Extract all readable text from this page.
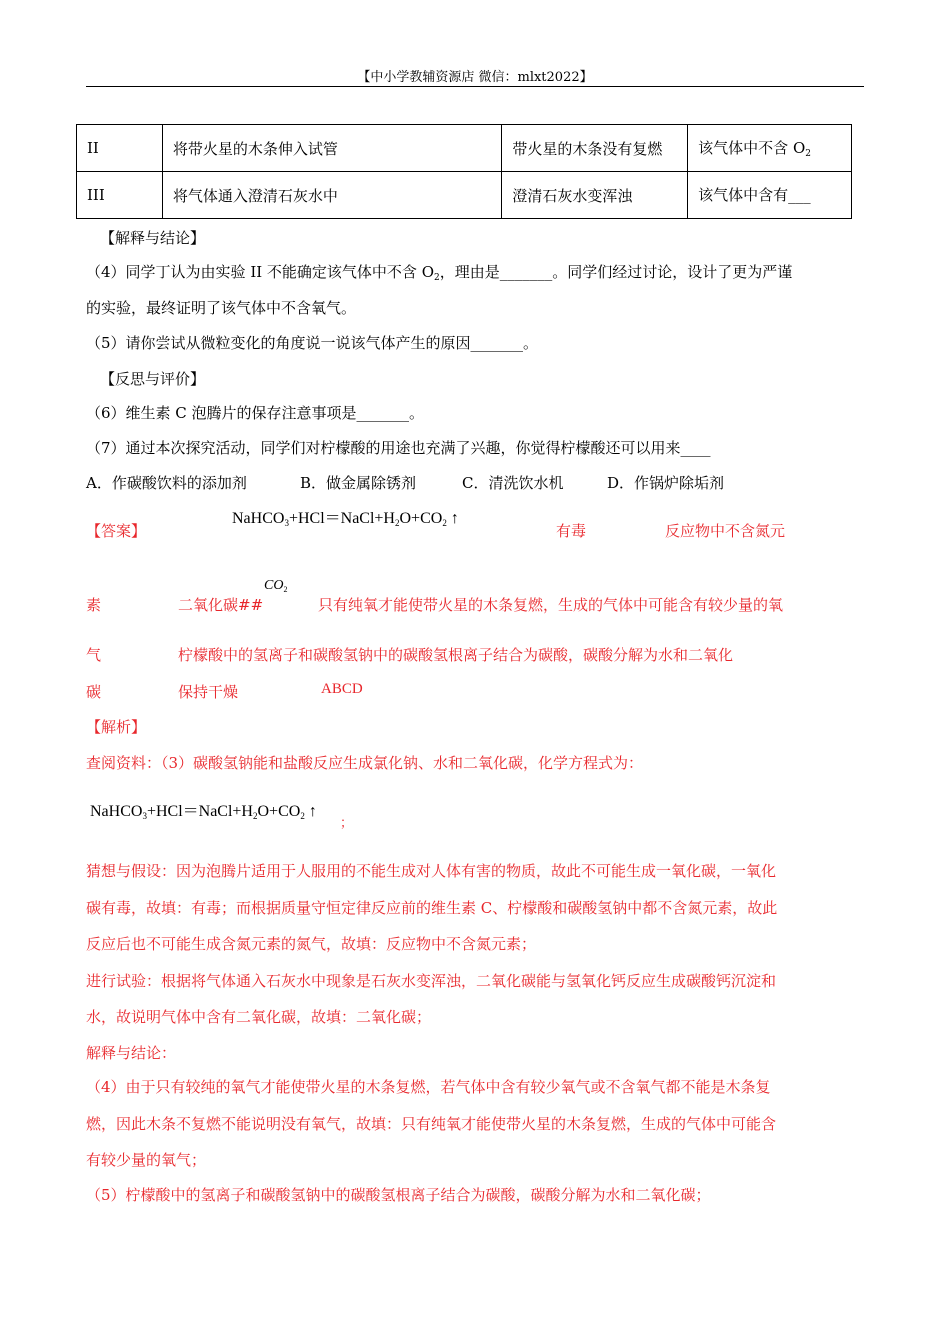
【中小学教辅资源店 微信：mlxt2022】
II	将带火星的木条伸入试管	带火星的木条没有复燃	该气体中不含 $O_2$
III	将气体通入澄清石灰水中	澄清石灰水变浑浊	该气体中含有___
【解释与结论】
（4）同学丁认为由实验 II 不能确定该气体中不含 $O_2$，理由是_______。同学们经过讨论，设计了更为严谨
的实验，最终证明了该气体中不含氧气。
（5）请你尝试从微粒变化的角度说一说该气体产生的原因_______。
【反思与评价】
（6）维生素 C 泡腾片的保存注意事项是_______。
（7）通过本次探究活动，同学们对柠檬酸的用途也充满了兴趣，你觉得柠檬酸还可以用来____
A．作碳酸饮料的添加剂	B．做金属除锈剂	C．清洗饮水机	D．作锅炉除垢剂
【答案】
$NaHCO_3+HCl=NaCl+H_2O+CO_2$ ↑
有毒	反应物中不含氮元
素	二氧化碳##
$CO_2$
只有纯氧才能使带火星的木条复燃，生成的气体中可能含有较少量的氧
气	柠檬酸中的氢离子和碳酸氢钠中的碳酸氢根离子结合为碳酸，碳酸分解为水和二氧化
碳	保持干燥	ABCD
【解析】
查阅资料：（3）碳酸氢钠能和盐酸反应生成氯化钠、水和二氧化碳，化学方程式为：
$NaHCO_3+HCl=NaCl+H_2O+CO_2$ ↑
；
猜想与假设：因为泡腾片适用于人服用的不能生成对人体有害的物质，故此不可能生成一氧化碳，一氧化
碳有毒，故填：有毒；而根据质量守恒定律反应前的维生素 C、柠檬酸和碳酸氢钠中都不含氮元素，故此
反应后也不可能生成含氮元素的氮气，故填：反应物中不含氮元素；
进行试验：根据将气体通入石灰水中现象是石灰水变浑浊，二氧化碳能与氢氧化钙反应生成碳酸钙沉淀和
水，故说明气体中含有二氧化碳，故填：二氧化碳；
解释与结论：
（4）由于只有较纯的氧气才能使带火星的木条复燃，若气体中含有较少氧气或不含氧气都不能是木条复
燃，因此木条不复燃不能说明没有氧气，故填：只有纯氧才能使带火星的木条复燃，生成的气体中可能含
有较少量的氧气；
（5）柠檬酸中的氢离子和碳酸氢钠中的碳酸氢根离子结合为碳酸，碳酸分解为水和二氧化碳；
